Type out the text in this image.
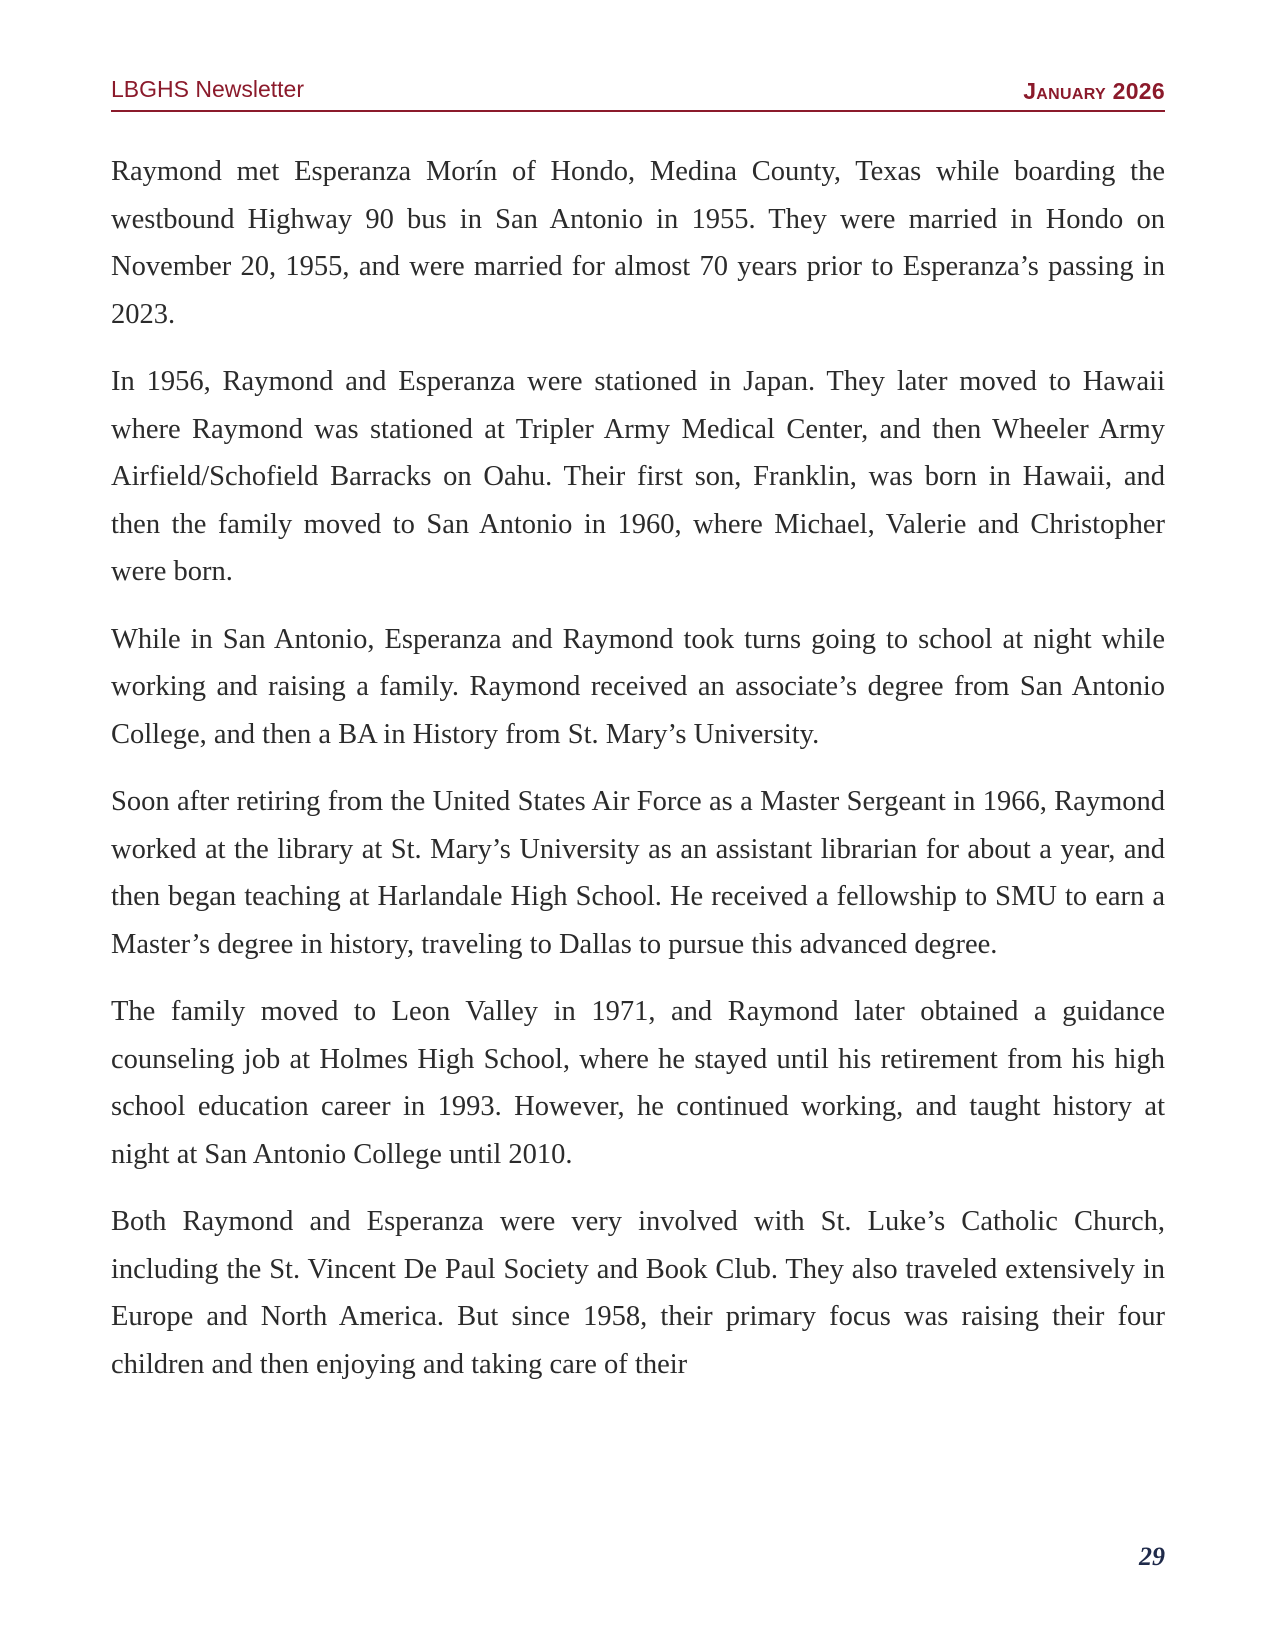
LBGHS Newsletter	January 2026

Raymond met Esperanza Morín of Hondo, Medina County, Texas while boarding the westbound Highway 90 bus in San Antonio in 1955. They were married in Hondo on November 20, 1955, and were married for almost 70 years prior to Esperanza’s passing in 2023.

In 1956, Raymond and Esperanza were stationed in Japan. They later moved to Hawaii where Raymond was stationed at Tripler Army Medical Center, and then Wheeler Army Airfield/Schofield Barracks on Oahu. Their first son, Franklin, was born in Hawaii, and then the family moved to San Antonio in 1960, where Michael, Valerie and Christopher were born.

While in San Antonio, Esperanza and Raymond took turns going to school at night while working and raising a family. Raymond received an associate’s degree from San Antonio College, and then a BA in History from St. Mary’s University.

Soon after retiring from the United States Air Force as a Master Sergeant in 1966, Raymond worked at the library at St. Mary’s University as an assistant librarian for about a year, and then began teaching at Harlandale High School. He received a fellowship to SMU to earn a Master’s degree in history, traveling to Dallas to pursue this advanced degree.

The family moved to Leon Valley in 1971, and Raymond later obtained a guidance counseling job at Holmes High School, where he stayed until his retirement from his high school education career in 1993. However, he continued working, and taught history at night at San Antonio College until 2010.

Both Raymond and Esperanza were very involved with St. Luke’s Catholic Church, including the St. Vincent De Paul Society and Book Club. They also traveled extensively in Europe and North America. But since 1958, their primary focus was raising their four children and then enjoying and taking care of their

29
